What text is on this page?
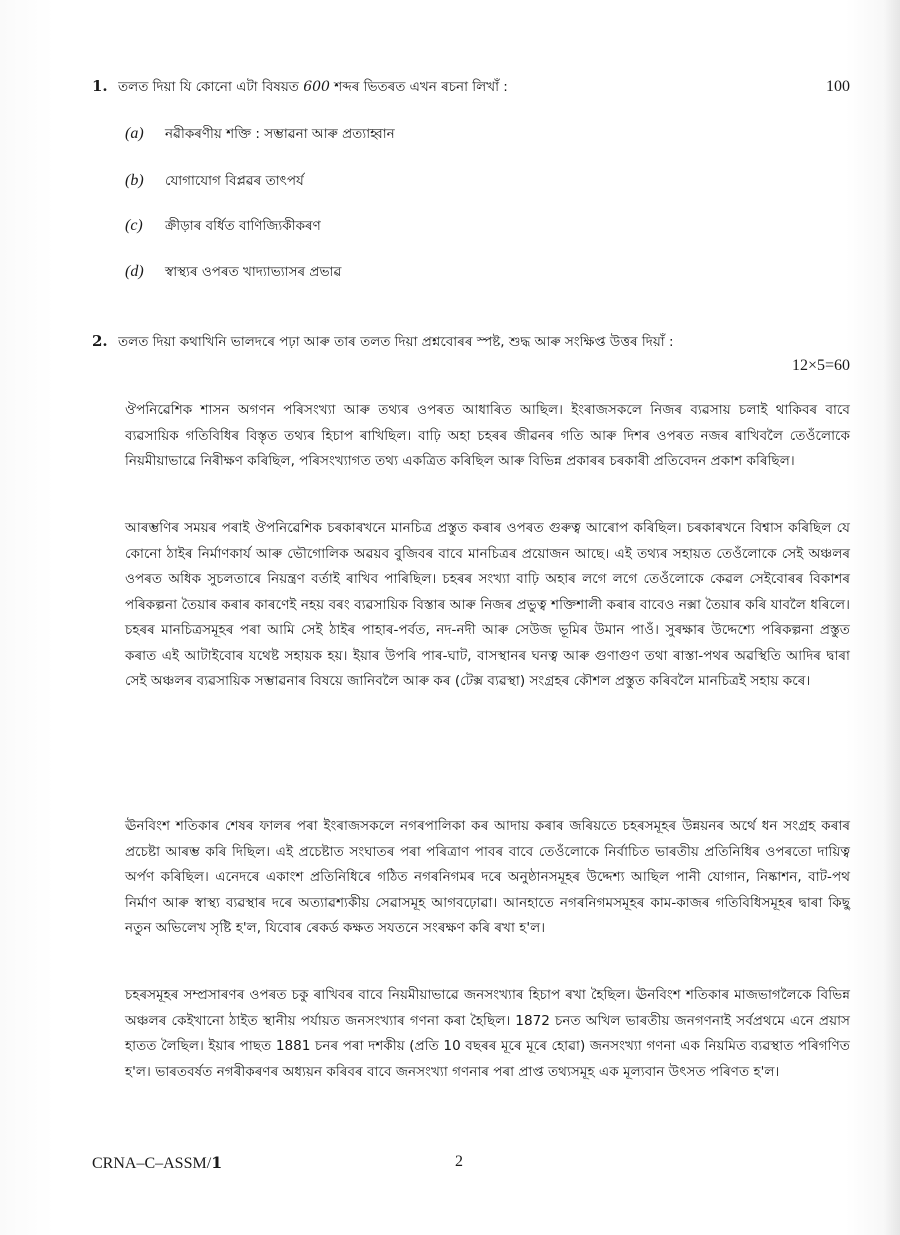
1. তলত দিয়া যি কোনো এটা বিষয়ত 600 শব্দৰ ভিতৰত এখন ৰচনা লিখাঁ :	100
(a)	নৱীকৰণীয় শক্তি : সম্ভাৱনা আৰু প্ৰত্যাহ্বান
(b)	যোগাযোগ বিপ্লৱৰ তাৎপৰ্য
(c)	ক্ৰীড়াৰ বৰ্ধিত বাণিজ্যিকীকৰণ
(d)	স্বাস্থ্যৰ ওপৰত খাদ্যাভ্যাসৰ প্ৰভাৱ
2. তলত দিয়া কথাখিনি ভালদৰে পঢ়া আৰু তাৰ তলত দিয়া প্ৰশ্নবোৰৰ স্পষ্ট, শুদ্ধ আৰু সংক্ষিপ্ত উত্তৰ দিয়াঁ :
12×5=60

ঔপনিৱেশিক শাসন অগণন পৰিসংখ্যা আৰু তথ্যৰ ওপৰত আধাৰিত আছিল। ইংৰাজসকলে নিজৰ ব্যৱসায় চলাই থাকিবৰ বাবে ব্যৱসায়িক গতিবিধিৰ বিস্তৃত তথ্যৰ হিচাপ ৰাখিছিল। বাঢ়ি অহা চহৰৰ জীৱনৰ গতি আৰু দিশৰ ওপৰত নজৰ ৰাখিবলৈ তেওঁলোকে নিয়মীয়াভাৱে নিৰীক্ষণ কৰিছিল, পৰিসংখ্যাগত তথ্য একত্ৰিত কৰিছিল আৰু বিভিন্ন প্ৰকাৰৰ চৰকাৰী প্ৰতিবেদন প্ৰকাশ কৰিছিল।

আৰম্ভণিৰ সময়ৰ পৰাই ঔপনিৱেশিক চৰকাৰখনে মানচিত্ৰ প্ৰস্তুত কৰাৰ ওপৰত গুৰুত্ব আৰোপ কৰিছিল। চৰকাৰখনে বিশ্বাস কৰিছিল যে কোনো ঠাইৰ নিৰ্মাণকাৰ্য আৰু ভৌগোলিক অৱয়ব বুজিবৰ বাবে মানচিত্ৰৰ প্ৰয়োজন আছে। এই তথ্যৰ সহায়ত তেওঁলোকে সেই অঞ্চলৰ ওপৰত অধিক সুচলতাৰে নিয়ন্ত্ৰণ বৰ্তাই ৰাখিব পাৰিছিল। চহৰৰ সংখ্যা বাঢ়ি অহাৰ লগে লগে তেওঁলোকে কেৱল সেইবোৰৰ বিকাশৰ পৰিকল্পনা তৈয়াৰ কৰাৰ কাৰণেই নহয় বৰং ব্যৱসায়িক বিস্তাৰ আৰু নিজৰ প্ৰভুত্ব শক্তিশালী কৰাৰ বাবেও নক্সা তৈয়াৰ কৰি যাবলৈ ধৰিলে। চহৰৰ মানচিত্ৰসমূহৰ পৰা আমি সেই ঠাইৰ পাহাৰ-পৰ্বত, নদ-নদী আৰু সেউজ ভূমিৰ উমান পাওঁ। সুৰক্ষাৰ উদ্দেশ্যে পৰিকল্পনা প্ৰস্তুত কৰাত এই আটাইবোৰ যথেষ্ট সহায়ক হয়। ইয়াৰ উপৰি পাৰ-ঘাট, বাসস্থানৰ ঘনত্ব আৰু গুণাগুণ তথা ৰাস্তা-পথৰ অৱস্থিতি আদিৰ দ্বাৰা সেই অঞ্চলৰ ব্যৱসায়িক সম্ভাৱনাৰ বিষয়ে জানিবলৈ আৰু কৰ (টেক্স ব্যৱস্থা) সংগ্ৰহৰ কৌশল প্ৰস্তুত কৰিবলৈ মানচিত্ৰই সহায় কৰে।

ঊনবিংশ শতিকাৰ শেষৰ ফালৰ পৰা ইংৰাজসকলে নগৰপালিকা কৰ আদায় কৰাৰ জৰিয়তে চহৰসমূহৰ উন্নয়নৰ অৰ্থে ধন সংগ্ৰহ কৰাৰ প্ৰচেষ্টা আৰম্ভ কৰি দিছিল। এই প্ৰচেষ্টাত সংঘাতৰ পৰা পৰিত্ৰাণ পাবৰ বাবে তেওঁলোকে নিৰ্বাচিত ভাৰতীয় প্ৰতিনিধিৰ ওপৰতো দায়িত্ব অৰ্পণ কৰিছিল। এনেদৰে একাংশ প্ৰতিনিধিৰে গঠিত নগৰনিগমৰ দৰে অনুষ্ঠানসমূহৰ উদ্দেশ্য আছিল পানী যোগান, নিষ্কাশন, বাট-পথ নিৰ্মাণ আৰু স্বাস্থ্য ব্যৱস্থাৰ দৰে অত্যাৱশ্যকীয় সেৱাসমূহ আগবঢ়োৱা। আনহাতে নগৰনিগমসমূহৰ কাম-কাজৰ গতিবিধিসমূহৰ দ্বাৰা কিছু নতুন অভিলেখ সৃষ্টি হ'ল, যিবোৰ ৰেকৰ্ড কক্ষত সযতনে সংৰক্ষণ কৰি ৰখা হ'ল।

চহৰসমূহৰ সম্প্ৰসাৰণৰ ওপৰত চকু ৰাখিবৰ বাবে নিয়মীয়াভাৱে জনসংখ্যাৰ হিচাপ ৰখা হৈছিল। ঊনবিংশ শতিকাৰ মাজভাগলৈকে বিভিন্ন অঞ্চলৰ কেইখানো ঠাইত স্থানীয় পৰ্যায়ত জনসংখ্যাৰ গণনা কৰা হৈছিল। 1872 চনত অখিল ভাৰতীয় জনগণনাই সৰ্বপ্ৰথমে এনে প্ৰয়াস হাতত লৈছিল। ইয়াৰ পাছত 1881 চনৰ পৰা দশকীয় (প্ৰতি 10 বছৰৰ মূৰে মূৰে হোৱা) জনসংখ্যা গণনা এক নিয়মিত ব্যৱস্থাত পৰিগণিত হ'ল। ভাৰতবৰ্ষত নগৰীকৰণৰ অধ্যয়ন কৰিবৰ বাবে জনসংখ্যা গণনাৰ পৰা প্ৰাপ্ত তথ্যসমূহ এক মূল্যবান উৎসত পৰিণত হ'ল।

CRNA–C–ASSM/1	2
